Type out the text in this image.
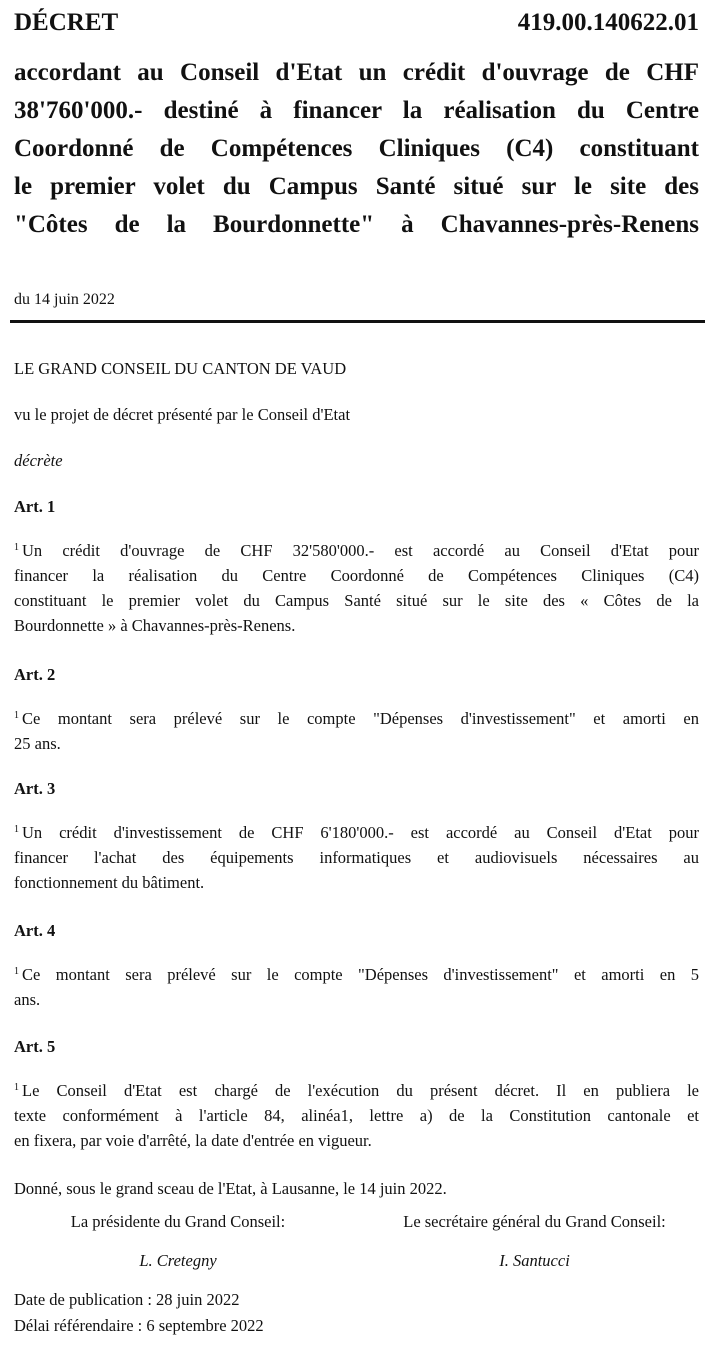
DÉCRET	419.00.140622.01
accordant au Conseil d'Etat un crédit d'ouvrage de CHF
38'760'000.- destiné à financer la réalisation du Centre
Coordonné de Compétences Cliniques (C4) constituant
le premier volet du Campus Santé situé sur le site des
"Côtes de la Bourdonnette" à Chavannes-près-Renens
du 14 juin 2022
LE GRAND CONSEIL DU CANTON DE VAUD
vu le projet de décret présenté par le Conseil d'Etat
décrète
Art. 1
$^1$ Un crédit d'ouvrage de CHF 32'580'000.- est accordé au Conseil d'Etat pour
financer la réalisation du Centre Coordonné de Compétences Cliniques (C4)
constituant le premier volet du Campus Santé situé sur le site des « Côtes de la
Bourdonnette » à Chavannes-près-Renens.
Art. 2
$^1$ Ce montant sera prélevé sur le compte "Dépenses d'investissement" et amorti en
25 ans.
Art. 3
$^1$ Un crédit d'investissement de CHF 6'180'000.- est accordé au Conseil d'Etat pour
financer l'achat des équipements informatiques et audiovisuels nécessaires au
fonctionnement du bâtiment.
Art. 4
$^1$ Ce montant sera prélevé sur le compte "Dépenses d'investissement" et amorti en 5
ans.
Art. 5
$^1$ Le Conseil d'Etat est chargé de l'exécution du présent décret. Il en publiera le
texte conformément à l'article 84, alinéa1, lettre a) de la Constitution cantonale et
en fixera, par voie d'arrêté, la date d'entrée en vigueur.
Donné, sous le grand sceau de l'Etat, à Lausanne, le 14 juin 2022.
La présidente du Grand Conseil:	Le secrétaire général du Grand Conseil:
L. Cretegny	I. Santucci
Date de publication : 28 juin 2022
Délai référendaire : 6 septembre 2022
